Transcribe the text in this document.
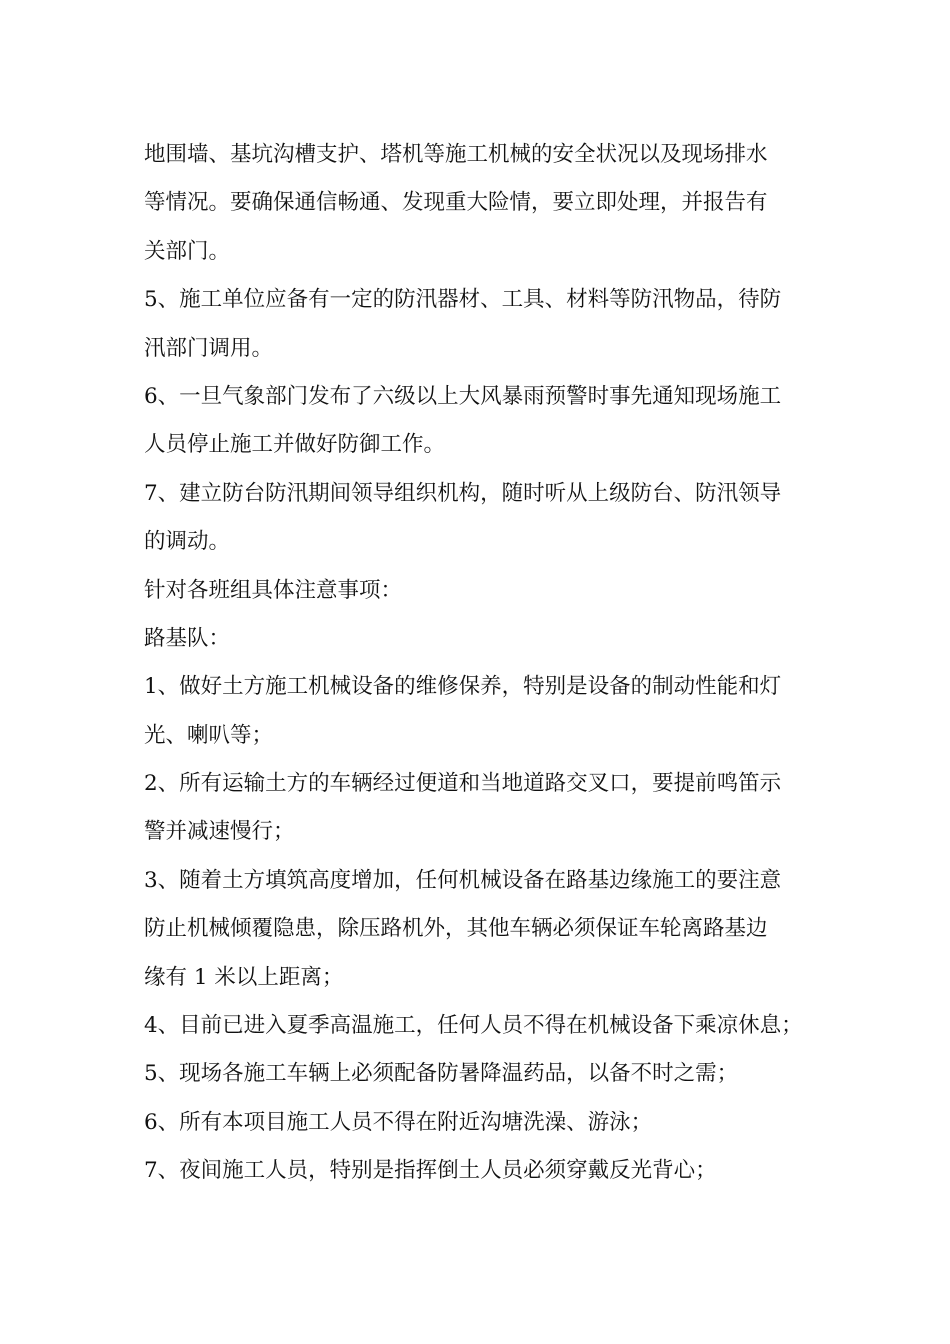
地围墙、基坑沟槽支护、塔机等施工机械的安全状况以及现场排水
等情况。要确保通信畅通、发现重大险情，要立即处理，并报告有
关部门。
5、施工单位应备有一定的防汛器材、工具、材料等防汛物品，待防
汛部门调用。
6、一旦气象部门发布了六级以上大风暴雨预警时事先通知现场施工
人员停止施工并做好防御工作。
7、建立防台防汛期间领导组织机构，随时听从上级防台、防汛领导
的调动。
针对各班组具体注意事项：
路基队：
1、做好土方施工机械设备的维修保养，特别是设备的制动性能和灯
光、喇叭等；
2、所有运输土方的车辆经过便道和当地道路交叉口，要提前鸣笛示
警并减速慢行；
3、随着土方填筑高度增加，任何机械设备在路基边缘施工的要注意
防止机械倾覆隐患，除压路机外，其他车辆必须保证车轮离路基边
缘有 1 米以上距离；
4、目前已进入夏季高温施工，任何人员不得在机械设备下乘凉休息；
5、现场各施工车辆上必须配备防暑降温药品，以备不时之需；
6、所有本项目施工人员不得在附近沟塘洗澡、游泳；
7、夜间施工人员，特别是指挥倒土人员必须穿戴反光背心；
